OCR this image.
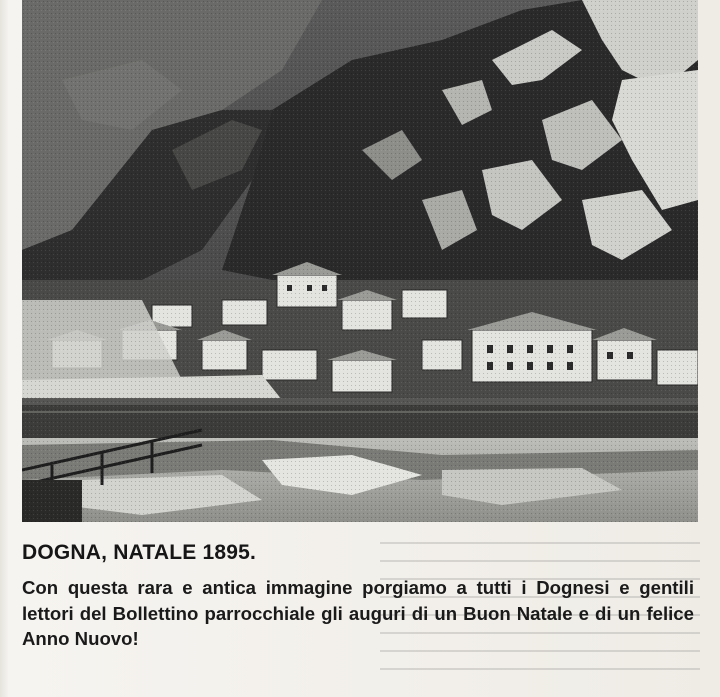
DOGNA, NATALE 1895.
Con questa rara e antica immagine porgiamo a tutti i Dognesi e gentili lettori del Bollettino parrocchiale gli auguri di un Buon Natale e di un felice Anno Nuovo!
